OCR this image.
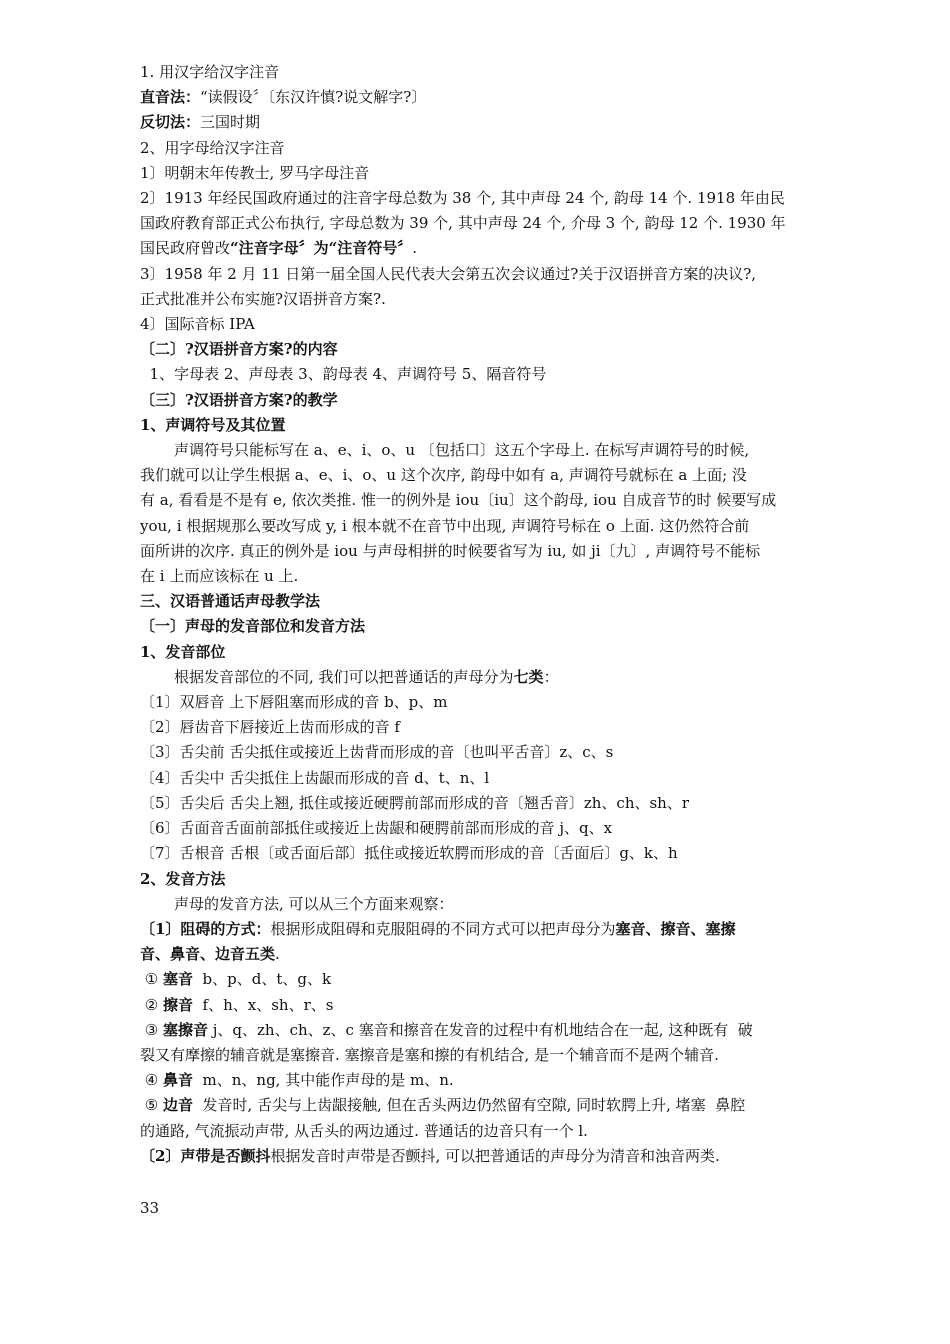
1. 用汉字给汉字注音
直音法：“读假设〞〔东汉许慎?说文解字?〕
反切法：三国时期
2、用字母给汉字注音
1〕明朝末年传教士, 罗马字母注音
2〕1913 年经民国政府通过的注音字母总数为 38 个, 其中声母 24 个, 韵母 14 个. 1918 年由民
国政府教育部正式公布执行, 字母总数为 39 个, 其中声母 24 个, 介母 3 个, 韵母 12 个. 1930 年
国民政府曾改“注音字母〞为“注音符号〞.
3〕1958 年 2 月 11 日第一届全国人民代表大会第五次会议通过?关于汉语拼音方案的决议?,
正式批准并公布实施?汉语拼音方案?.
4〕国际音标 IPA
〔二〕?汉语拼音方案?的内容
1、字母表 2、声母表 3、韵母表 4、声调符号 5、隔音符号
〔三〕?汉语拼音方案?的教学
1、声调符号及其位置
声调符号只能标写在 a、e、i、o、u 〔包括口〕这五个字母上. 在标写声调符号的时候,
我们就可以让学生根据 a、e、i、o、u 这个次序, 韵母中如有 a, 声调符号就标在 a 上面; 没
有 a, 看看是不是有 e, 依次类推. 惟一的例外是 iou〔iu〕这个韵母, iou 自成音节的时 候要写成
you, i 根据规那么要改写成 y, i 根本就不在音节中出现, 声调符号标在 o 上面. 这仍然符合前
面所讲的次序. 真正的例外是 iou 与声母相拼的时候要省写为 iu, 如 ji〔九〕, 声调符号不能标
在 i 上而应该标在 u 上.
三、汉语普通话声母教学法
〔一〕声母的发音部位和发音方法
1、发音部位
根据发音部位的不同, 我们可以把普通话的声母分为七类：
〔1〕双唇音 上下唇阻塞而形成的音 b、p、m
〔2〕唇齿音下唇接近上齿而形成的音 f
〔3〕舌尖前 舌尖抵住或接近上齿背而形成的音〔也叫平舌音〕z、c、s
〔4〕舌尖中 舌尖抵住上齿龈而形成的音 d、t、n、l
〔5〕舌尖后 舌尖上翘, 抵住或接近硬腭前部而形成的音〔翘舌音〕zh、ch、sh、r
〔6〕舌面音舌面前部抵住或接近上齿龈和硬腭前部而形成的音 j、q、x
〔7〕舌根音 舌根〔或舌面后部〕抵住或接近软腭而形成的音〔舌面后〕g、k、h
2、发音方法
声母的发音方法, 可以从三个方面来观察：
〔1〕阻碍的方式：根据形成阻碍和克服阻碍的不同方式可以把声母分为塞音、擦音、塞擦
音、鼻音、边音五类.
① 塞音  b、p、d、t、g、k
② 擦音  f、h、x、sh、r、s
③ 塞擦音 j、q、zh、ch、z、c 塞音和擦音在发音的过程中有机地结合在一起, 这种既有  破
裂又有摩擦的辅音就是塞擦音. 塞擦音是塞和擦的有机结合, 是一个辅音而不是两个辅音.
④ 鼻音  m、n、ng, 其中能作声母的是 m、n.
⑤ 边音  发音时, 舌尖与上齿龈接触, 但在舌头两边仍然留有空隙, 同时软腭上升, 堵塞  鼻腔
的通路, 气流振动声带, 从舌头的两边通过. 普通话的边音只有一个 l.
〔2〕声带是否颤抖根据发音时声带是否颤抖, 可以把普通话的声母分为清音和浊音两类.
33
